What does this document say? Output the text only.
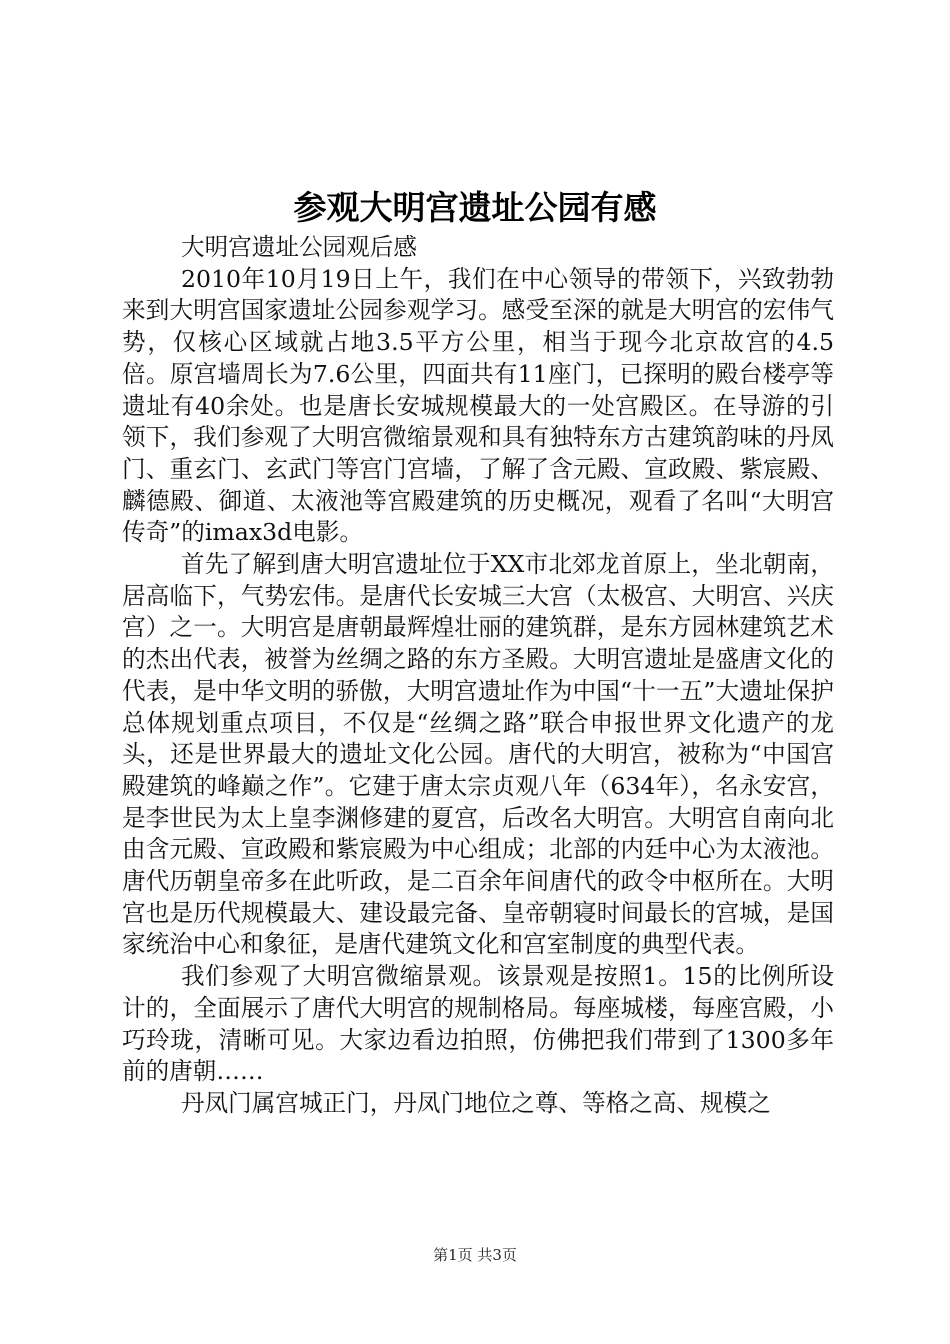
参观大明宫遗址公园有感

大明宫遗址公园观后感

2010年10月19日上午，我们在中心领导的带领下，兴致勃勃来到大明宫国家遗址公园参观学习。感受至深的就是大明宫的宏伟气势，仅核心区域就占地3.5平方公里，相当于现今北京故宫的4.5倍。原宫墙周长为7.6公里，四面共有11座门，已探明的殿台楼亭等遗址有40余处。也是唐长安城规模最大的一处宫殿区。在导游的引领下，我们参观了大明宫微缩景观和具有独特东方古建筑韵味的丹凤门、重玄门、玄武门等宫门宫墙，了解了含元殿、宣政殿、紫宸殿、麟德殿、御道、太液池等宫殿建筑的历史概况，观看了名叫“大明宫传奇”的imax3d电影。

首先了解到唐大明宫遗址位于XX市北郊龙首原上，坐北朝南，居高临下，气势宏伟。是唐代长安城三大宫（太极宫、大明宫、兴庆宫）之一。大明宫是唐朝最辉煌壮丽的建筑群，是东方园林建筑艺术的杰出代表，被誉为丝绸之路的东方圣殿。大明宫遗址是盛唐文化的代表，是中华文明的骄傲，大明宫遗址作为中国“十一五”大遗址保护总体规划重点项目，不仅是“丝绸之路”联合申报世界文化遗产的龙头，还是世界最大的遗址文化公园。唐代的大明宫，被称为“中国宫殿建筑的峰巅之作”。它建于唐太宗贞观八年（634年），名永安宫，是李世民为太上皇李渊修建的夏宫，后改名大明宫。大明宫自南向北由含元殿、宣政殿和紫宸殿为中心组成；北部的内廷中心为太液池。唐代历朝皇帝多在此听政，是二百余年间唐代的政令中枢所在。大明宫也是历代规模最大、建设最完备、皇帝朝寝时间最长的宫城，是国家统治中心和象征，是唐代建筑文化和宫室制度的典型代表。

我们参观了大明宫微缩景观。该景观是按照1。15的比例所设计的，全面展示了唐代大明宫的规制格局。每座城楼，每座宫殿，小巧玲珑，清晰可见。大家边看边拍照，仿佛把我们带到了1300多年前的唐朝……

丹凤门属宫城正门，丹凤门地位之尊、等格之高、规模之

第1页 共3页
